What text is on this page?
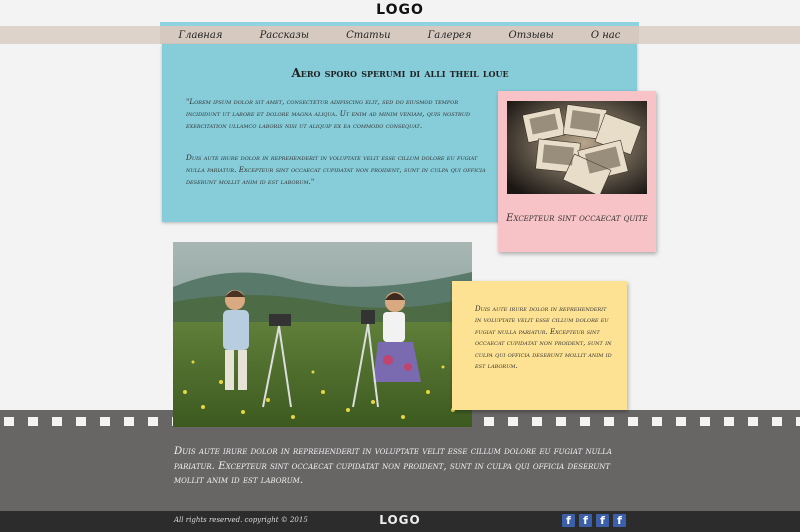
LOGO
Главная	Рассказы	Статьи	Галерея	Отзывы	О нас
Aero sporo sperumi di alli theil loue
"Lorem ipsum dolor sit amet, consectetur adipiscing elit, sed do eiusmod tempor incididunt ut labore et dolore magna aliqua. Ut enim ad minim veniam, quis nostrud exercitation ullamco laboris nisi ut aliquip ex ea commodo consequat.
Duis aute irure dolor in reprehenderit in voluptate velit esse cillum dolore eu fugiat nulla pariatur. Excepteur sint occaecat cupidatat non proident, sunt in culpa qui officia deserunt mollit anim id est laborum."
Excepteur sint occaecat quite
Duis aute irure dolor in reprehenderit in voluptate velit esse cillum dolore eu fugiat nulla pariatur. Excepteur sint occaecat cupidatat non proident, sunt in culpa qui officia deserunt mollit anim id est laborum.
Duis aute irure dolor in reprehenderit in voluptate velit esse cillum dolore eu fugiat nulla pariatur. Excepteur sint occaecat cupidatat non proident, sunt in culpa qui officia deserunt mollit anim id est laborum.
All rights reserved. copyright © 2015	LOGO	f	f	f	f
